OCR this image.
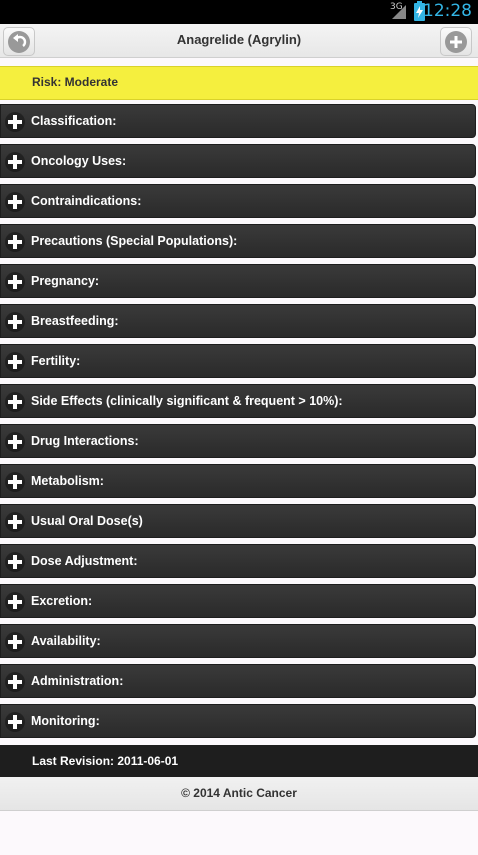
3G 12:28
Anagrelide (Agrylin)
Risk: Moderate
Classification:
Oncology Uses:
Contraindications:
Precautions (Special Populations):
Pregnancy:
Breastfeeding:
Fertility:
Side Effects (clinically significant & frequent > 10%):
Drug Interactions:
Metabolism:
Usual Oral Dose(s)
Dose Adjustment:
Excretion:
Availability:
Administration:
Monitoring:
Last Revision: 2011-06-01
© 2014 Antic Cancer
